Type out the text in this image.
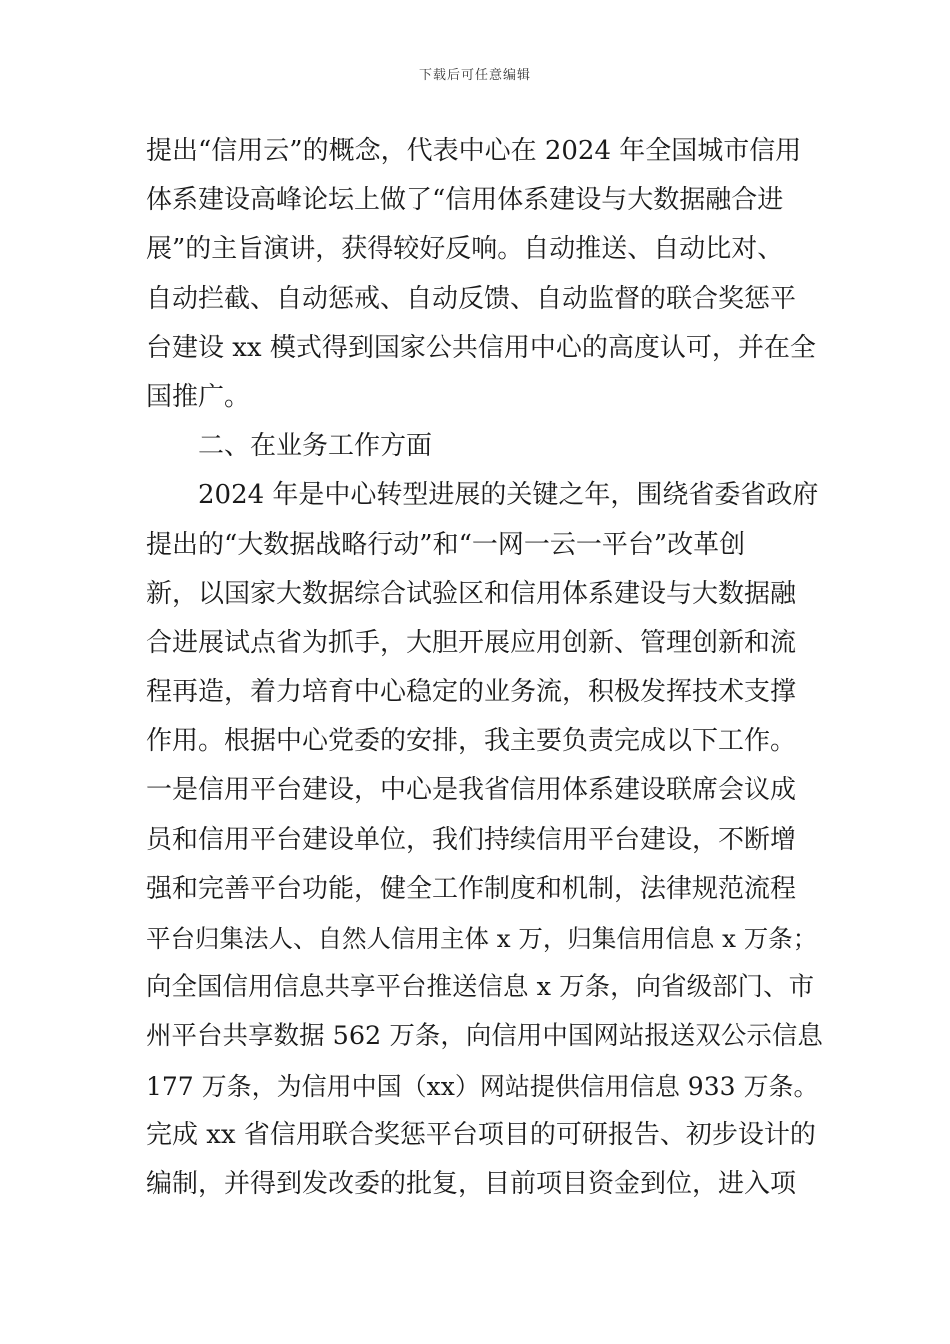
下载后可任意编辑
提出“信用云”的概念，代表中心在 2024 年全国城市信用
体系建设高峰论坛上做了“信用体系建设与大数据融合进
展”的主旨演讲，获得较好反响。自动推送、自动比对、
自动拦截、自动惩戒、自动反馈、自动监督的联合奖惩平
台建设 xx 模式得到国家公共信用中心的高度认可，并在全
国推广。
二、在业务工作方面
2024 年是中心转型进展的关键之年，围绕省委省政府
提出的“大数据战略行动”和“一网一云一平台”改革创
新，以国家大数据综合试验区和信用体系建设与大数据融
合进展试点省为抓手，大胆开展应用创新、管理创新和流
程再造，着力培育中心稳定的业务流，积极发挥技术支撑
作用。根据中心党委的安排，我主要负责完成以下工作。
一是信用平台建设，中心是我省信用体系建设联席会议成
员和信用平台建设单位，我们持续信用平台建设，不断增
强和完善平台功能，健全工作制度和机制，法律规范流程
平台归集法人、自然人信用主体 x 万，归集信用信息 x 万条；
向全国信用信息共享平台推送信息 x 万条，向省级部门、市
州平台共享数据 562 万条，向信用中国网站报送双公示信息
177 万条，为信用中国（xx）网站提供信用信息 933 万条。
完成 xx 省信用联合奖惩平台项目的可研报告、初步设计的
编制，并得到发改委的批复，目前项目资金到位，进入项
